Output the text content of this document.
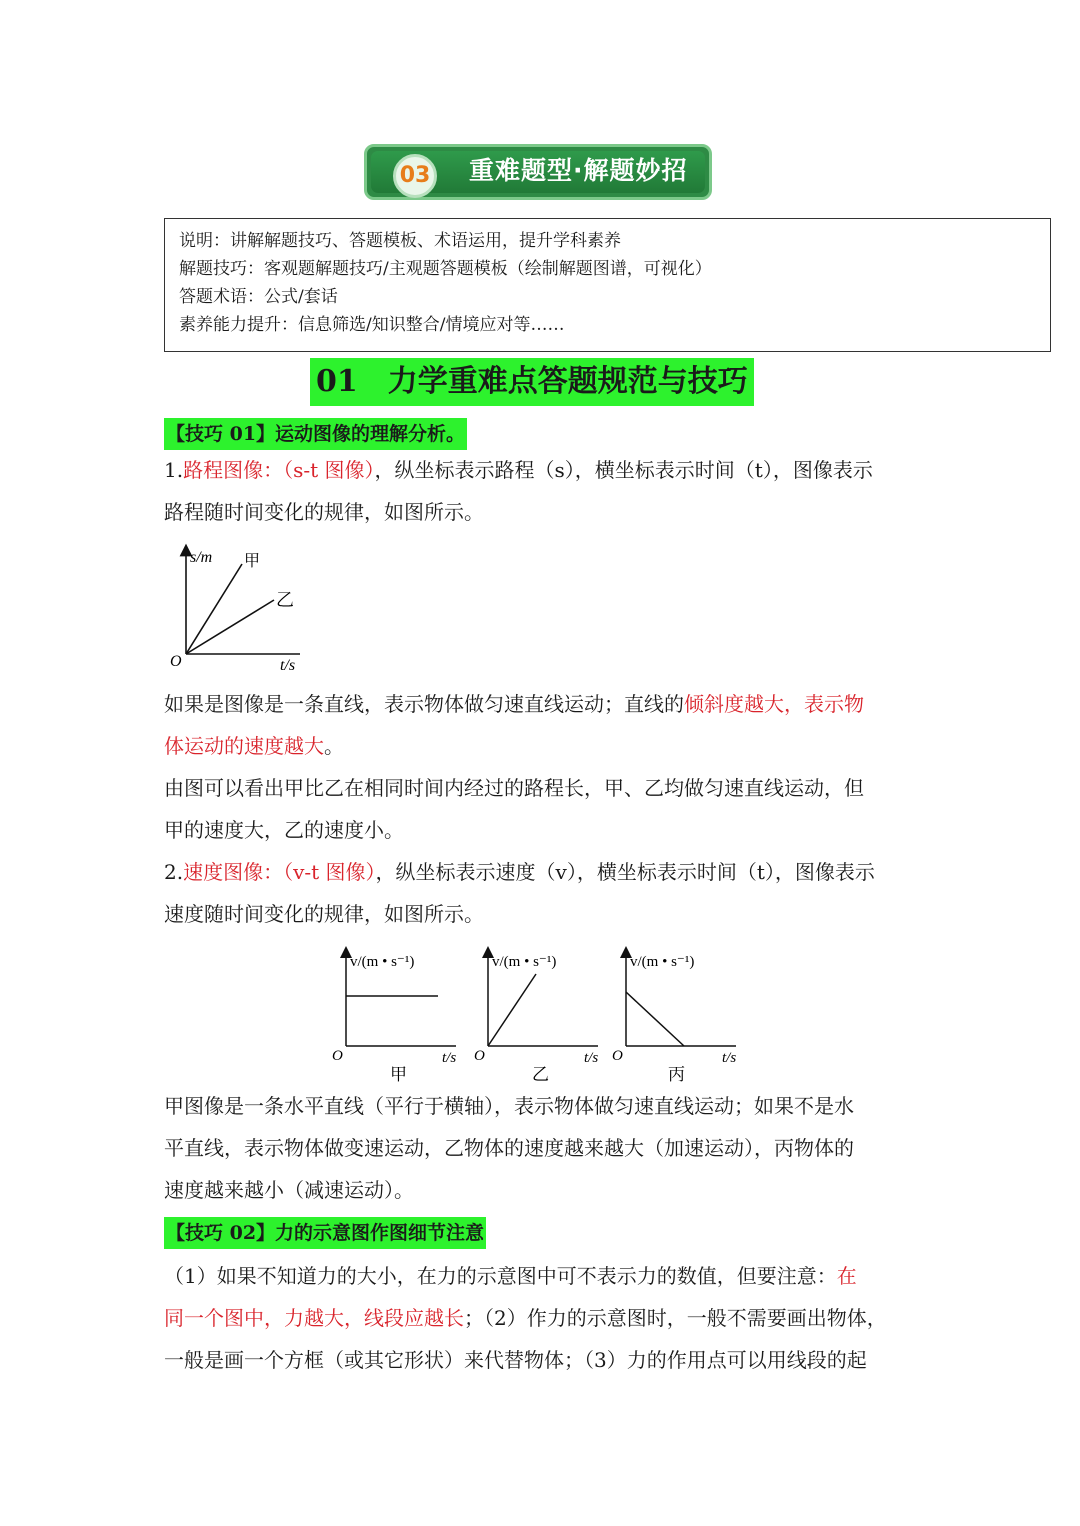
03 重难题型·解题妙招
说明：讲解解题技巧、答题模板、术语运用，提升学科素养
解题技巧：客观题解题技巧/主观题答题模板（绘制解题图谱，可视化）
答题术语：公式/套话
素养能力提升：信息筛选/知识整合/情境应对等……
01 力学重难点答题规范与技巧
【技巧 01】运动图像的理解分析。
1.路程图像：（s-t 图像），纵坐标表示路程（s），横坐标表示时间（t），图像表示
路程随时间变化的规律，如图所示。
s/m 甲
乙
O	t/s
如果是图像是一条直线，表示物体做匀速直线运动；直线的倾斜度越大，表示物
体运动的速度越大。
由图可以看出甲比乙在相同时间内经过的路程长，甲、乙均做匀速直线运动，但
甲的速度大，乙的速度小。
2.速度图像：（v-t 图像），纵坐标表示速度（v），横坐标表示时间（t），图像表示
速度随时间变化的规律，如图所示。
v/(m • s⁻¹)
O	t/s
甲
v/(m • s⁻¹)
O	t/s
乙
v/(m • s⁻¹)
O	t/s
丙
甲图像是一条水平直线（平行于横轴），表示物体做匀速直线运动；如果不是水
平直线，表示物体做变速运动，乙物体的速度越来越大（加速运动），丙物体的
速度越来越小（减速运动）。
【技巧 02】力的示意图作图细节注意
（1）如果不知道力的大小，在力的示意图中可不表示力的数值，但要注意：在
同一个图中，力越大，线段应越长；（2）作力的示意图时，一般不需要画出物体，
一般是画一个方框（或其它形状）来代替物体；（3）力的作用点可以用线段的起
